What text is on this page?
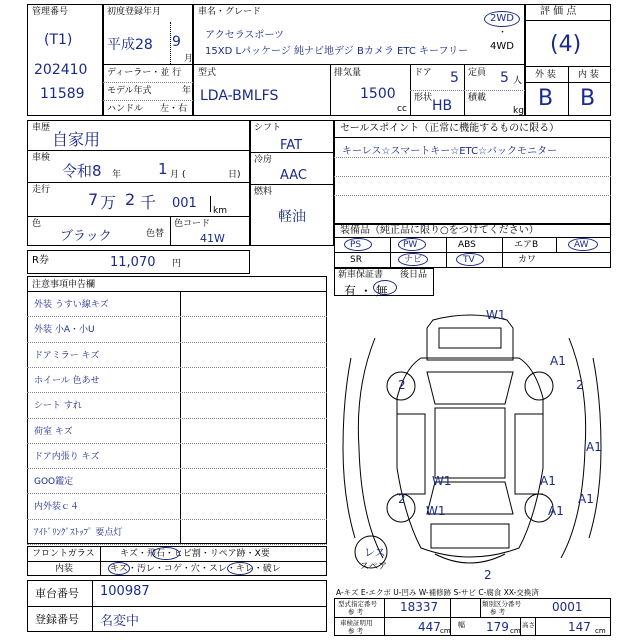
管理番号
(T1)
202410
11589
初度登録年月
平成28 9
月
ディーラー・並 行
モデル年式	年
ハンドル 左・右
車名・グレード
アクセラスポーツ
15XD Lパッケージ 純ナビ地デジ Bカメラ ETC キーフリー
2WD
・
4WD
型式
LDA-BMLFS
排気量
1500
cc
ドア 5
形状 HB
定員 5 人
積載
kg
評 価 点
(4)
外 装 内 装
B B
車歴
自家用
車検
令和8 年 1 月 (	日)
走行 7 万 2 千 001 km
色
ブラック	色替
色コード
41W
シフト
FAT
冷房
AAC
燃料
軽油
セールスポイント（正常に機能するものに限る）
キーレス☆スマートキー☆ETC☆バックモニター
装備品（純正品に限り○をつけてください）
PS	PW	ABS	エアB	AW
SR	ナビ	TV	カワ
R券	11,070 円
新車保証書
有 ・ 無
後日品
注意事項申告欄
外装 うすい線キズ
外装 小A・小U
ドアミラー キズ
ホイール 色あせ
シート すれ
荷室 キズ
ドア内張り キズ
GOO鑑定
内外装ｃ４
ｱｲﾄﾞﾘﾝｸﾞｽﾄｯﾌﾟ 要点灯
フロントガラス	キズ・飛石・ヒビ割・リペア跡・X要
内装	キズ・汚レ・コゲ・穴・スレ・キレ・破レ
車台番号 100987
登録番号 名変中
W1
A1
2	2
A1
W1	A1
2
W1	A1
A1
2
レス
スペア
A-キズ E-エクボ U-凹み W-補修跡 S-サビ C-腐食 XX-交換済
型式指定番号
参 考	18337	類別区分番号
参 考	0001
車検証明用
参 考	447 cm
幅 179 cm
高さ	147 cm
